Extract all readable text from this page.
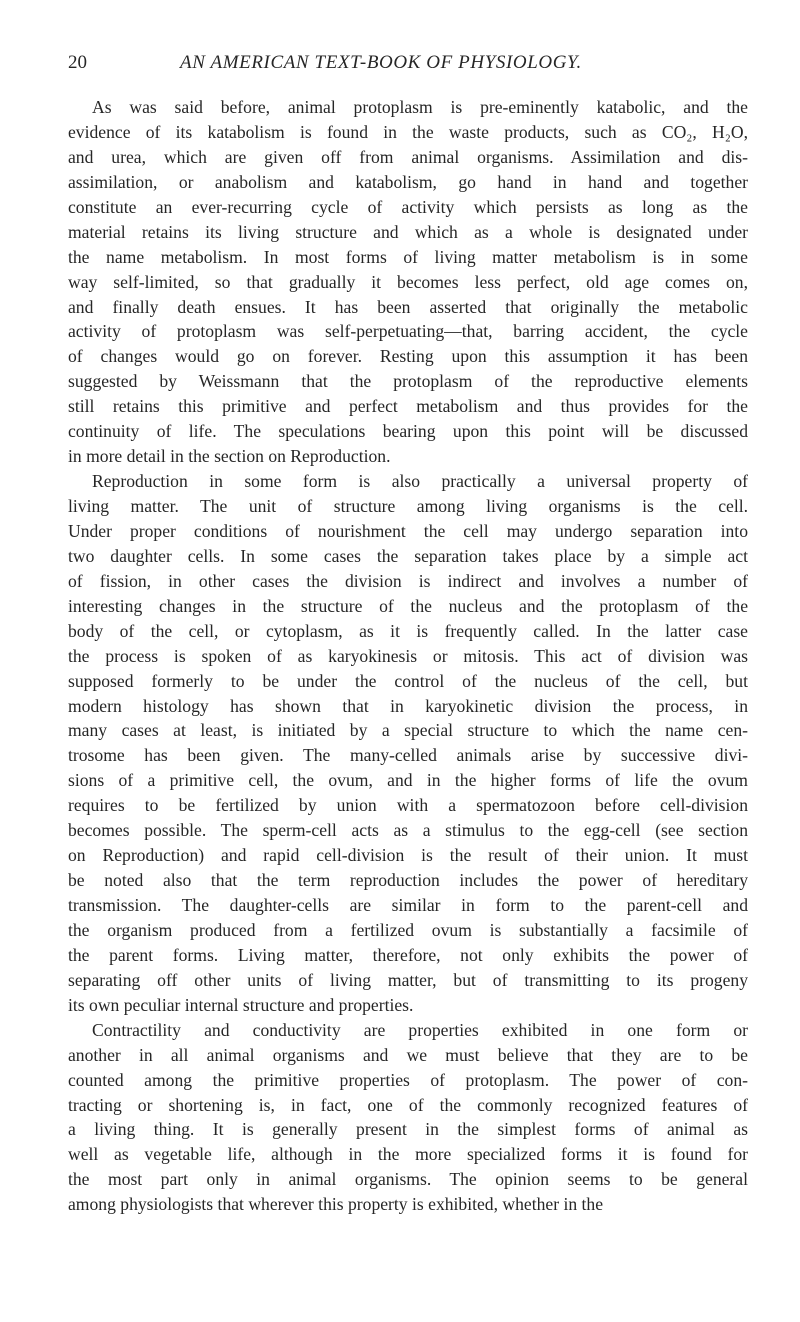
20	AN AMERICAN TEXT-BOOK OF PHYSIOLOGY.
As was said before, animal protoplasm is pre-eminently katabolic, and the
evidence of its katabolism is found in the waste products, such as CO₂, H₂O,
and urea, which are given off from animal organisms. Assimilation and dis-
assimilation, or anabolism and katabolism, go hand in hand and together
constitute an ever-recurring cycle of activity which persists as long as the
material retains its living structure and which as a whole is designated under
the name metabolism. In most forms of living matter metabolism is in some
way self-limited, so that gradually it becomes less perfect, old age comes on,
and finally death ensues. It has been asserted that originally the metabolic
activity of protoplasm was self-perpetuating—that, barring accident, the cycle
of changes would go on forever. Resting upon this assumption it has been
suggested by Weissmann that the protoplasm of the reproductive elements
still retains this primitive and perfect metabolism and thus provides for the
continuity of life. The speculations bearing upon this point will be discussed
in more detail in the section on Reproduction.
Reproduction in some form is also practically a universal property of
living matter. The unit of structure among living organisms is the cell.
Under proper conditions of nourishment the cell may undergo separation into
two daughter cells. In some cases the separation takes place by a simple act
of fission, in other cases the division is indirect and involves a number of
interesting changes in the structure of the nucleus and the protoplasm of the
body of the cell, or cytoplasm, as it is frequently called. In the latter case
the process is spoken of as karyokinesis or mitosis. This act of division was
supposed formerly to be under the control of the nucleus of the cell, but
modern histology has shown that in karyokinetic division the process, in
many cases at least, is initiated by a special structure to which the name cen-
trosome has been given. The many-celled animals arise by successive divi-
sions of a primitive cell, the ovum, and in the higher forms of life the ovum
requires to be fertilized by union with a spermatozoon before cell-division
becomes possible. The sperm-cell acts as a stimulus to the egg-cell (see section
on Reproduction) and rapid cell-division is the result of their union. It must
be noted also that the term reproduction includes the power of hereditary
transmission. The daughter-cells are similar in form to the parent-cell and
the organism produced from a fertilized ovum is substantially a facsimile of
the parent forms. Living matter, therefore, not only exhibits the power of
separating off other units of living matter, but of transmitting to its progeny
its own peculiar internal structure and properties.
Contractility and conductivity are properties exhibited in one form or
another in all animal organisms and we must believe that they are to be
counted among the primitive properties of protoplasm. The power of con-
tracting or shortening is, in fact, one of the commonly recognized features of
a living thing. It is generally present in the simplest forms of animal as
well as vegetable life, although in the more specialized forms it is found for
the most part only in animal organisms. The opinion seems to be general
among physiologists that wherever this property is exhibited, whether in the
